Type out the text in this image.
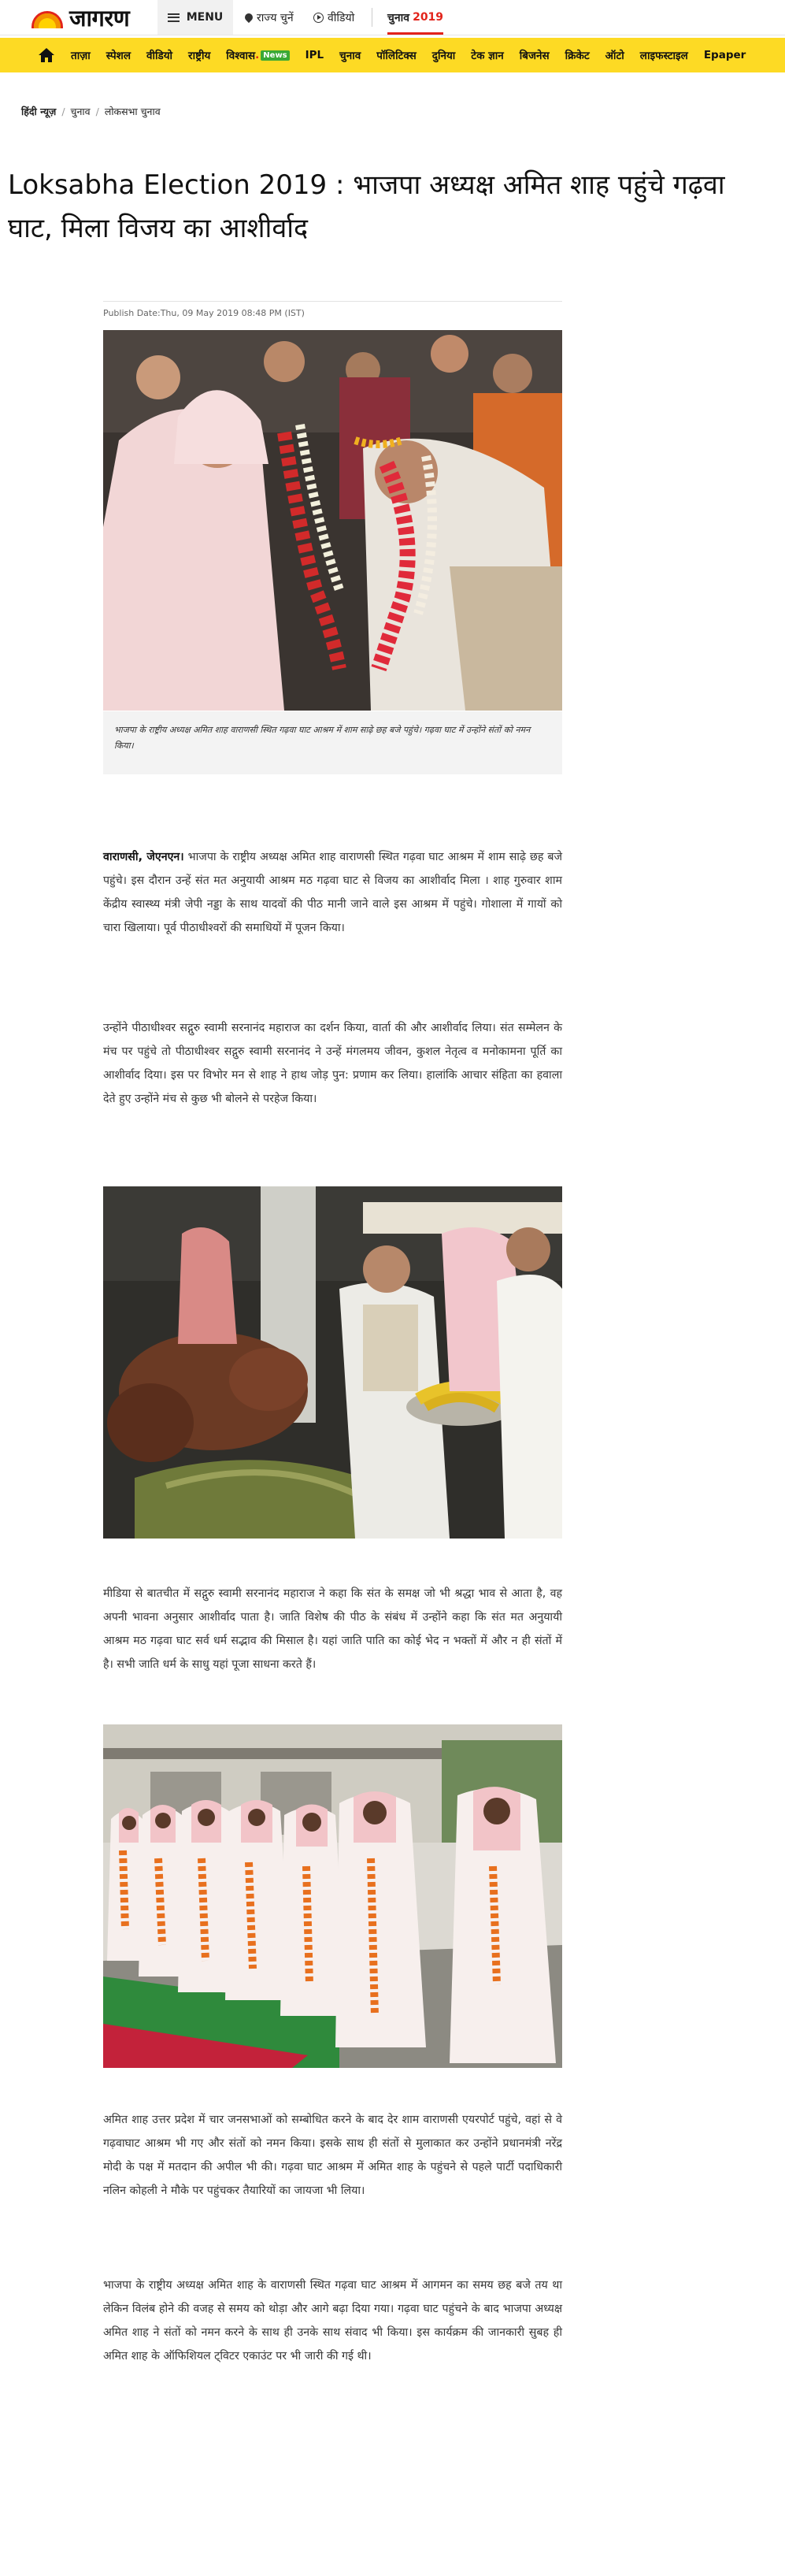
जागरण	MENU	राज्य चुनें	वीडियो	चुनाव 2019
ताज़ा	स्पेशल	वीडियो	राष्ट्रीय	विश्वास . News	IPL	चुनाव	पॉलिटिक्स	दुनिया	टेक ज्ञान	बिजनेस	क्रिकेट	ऑटो	लाइफस्टाइल	Epaper
हिंदी न्यूज़ / चुनाव / लोकसभा चुनाव
Loksabha Election 2019 : भाजपा अध्यक्ष अमित शाह पहुंचे गढ़वा घाट, मिला विजय का आशीर्वाद
Publish Date:Thu, 09 May 2019 08:48 PM (IST)
भाजपा के राष्ट्रीय अध्यक्ष अमित शाह वाराणसी स्थित गढ़वा घाट आश्रम में शाम साढ़े छह बजे पहुंचे। गढ़वा घाट में उन्होंने संतों को नमन किया।

वाराणसी, जेएनएन। भाजपा के राष्ट्रीय अध्यक्ष अमित शाह वाराणसी स्थित गढ़वा घाट आश्रम में शाम साढ़े छह बजे पहुंचे। इस दौरान उन्हें संत मत अनुयायी आश्रम मठ गढ़वा घाट से विजय का आशीर्वाद मिला । शाह गुरुवार शाम केंद्रीय स्वास्थ्य मंत्री जेपी नड्डा के साथ यादवों की पीठ मानी जाने वाले इस आश्रम में पहुंचे। गोशाला में गायों को चारा खिलाया। पूर्व पीठाधीश्वरों की समाधियों में पूजन किया।

उन्होंने पीठाधीश्वर सद्गुरु स्वामी सरनानंद महाराज का दर्शन किया, वार्ता की और आशीर्वाद लिया। संत सम्मेलन के मंच पर पहुंचे तो पीठाधीश्वर सद्गुरु स्वामी सरनानंद ने उन्हें मंगलमय जीवन, कुशल नेतृत्व व मनोकामना पूर्ति का आशीर्वाद दिया। इस पर विभोर मन से शाह ने हाथ जोड़ पुन: प्रणाम कर लिया। हालांकि आचार संहिता का हवाला देते हुए उन्होंने मंच से कुछ भी बोलने से परहेज किया।

मीडिया से बातचीत में सद्गुरु स्वामी सरनानंद महाराज ने कहा कि संत के समक्ष जो भी श्रद्धा भाव से आता है, वह अपनी भावना अनुसार आशीर्वाद पाता है। जाति विशेष की पीठ के संबंध में उन्होंने कहा कि संत मत अनुयायी आश्रम मठ गढ़वा घाट सर्व धर्म सद्भाव की मिसाल है। यहां जाति पाति का कोई भेद न भक्तों में और न ही संतों में है। सभी जाति धर्म के साधु यहां पूजा साधना करते हैं।

अमित शाह उत्तर प्रदेश में चार जनसभाओं को सम्बोधित करने के बाद देर शाम वाराणसी एयरपोर्ट पहुंचे, वहां से वे गढ़वाघाट आश्रम भी गए और संतों को नमन किया। इसके साथ ही संतों से मुलाकात कर उन्होंने प्रधानमंत्री नरेंद्र मोदी के पक्ष में मतदान की अपील भी की। गढ़वा घाट आश्रम में अमित शाह के पहुंचने से पहले पार्टी पदाधिकारी नलिन कोहली ने मौके पर पहुंचकर तैयारियों का जायजा भी लिया।

भाजपा के राष्ट्रीय अध्यक्ष अमित शाह के वाराणसी स्थित गढ़वा घाट आश्रम में आगमन का समय छह बजे तय था लेकिन विलंब होने की वजह से समय को थोड़ा और आगे बढ़ा दिया गया। गढ़वा घाट पहुंचने के बाद भाजपा अध्यक्ष अमित शाह ने संतों को नमन करने के साथ ही उनके साथ संवाद भी किया। इस कार्यक्रम की जानकारी सुबह ही अमित शाह के ऑफिशियल ट्विटर एकाउंट पर भी जारी की गई थी।
